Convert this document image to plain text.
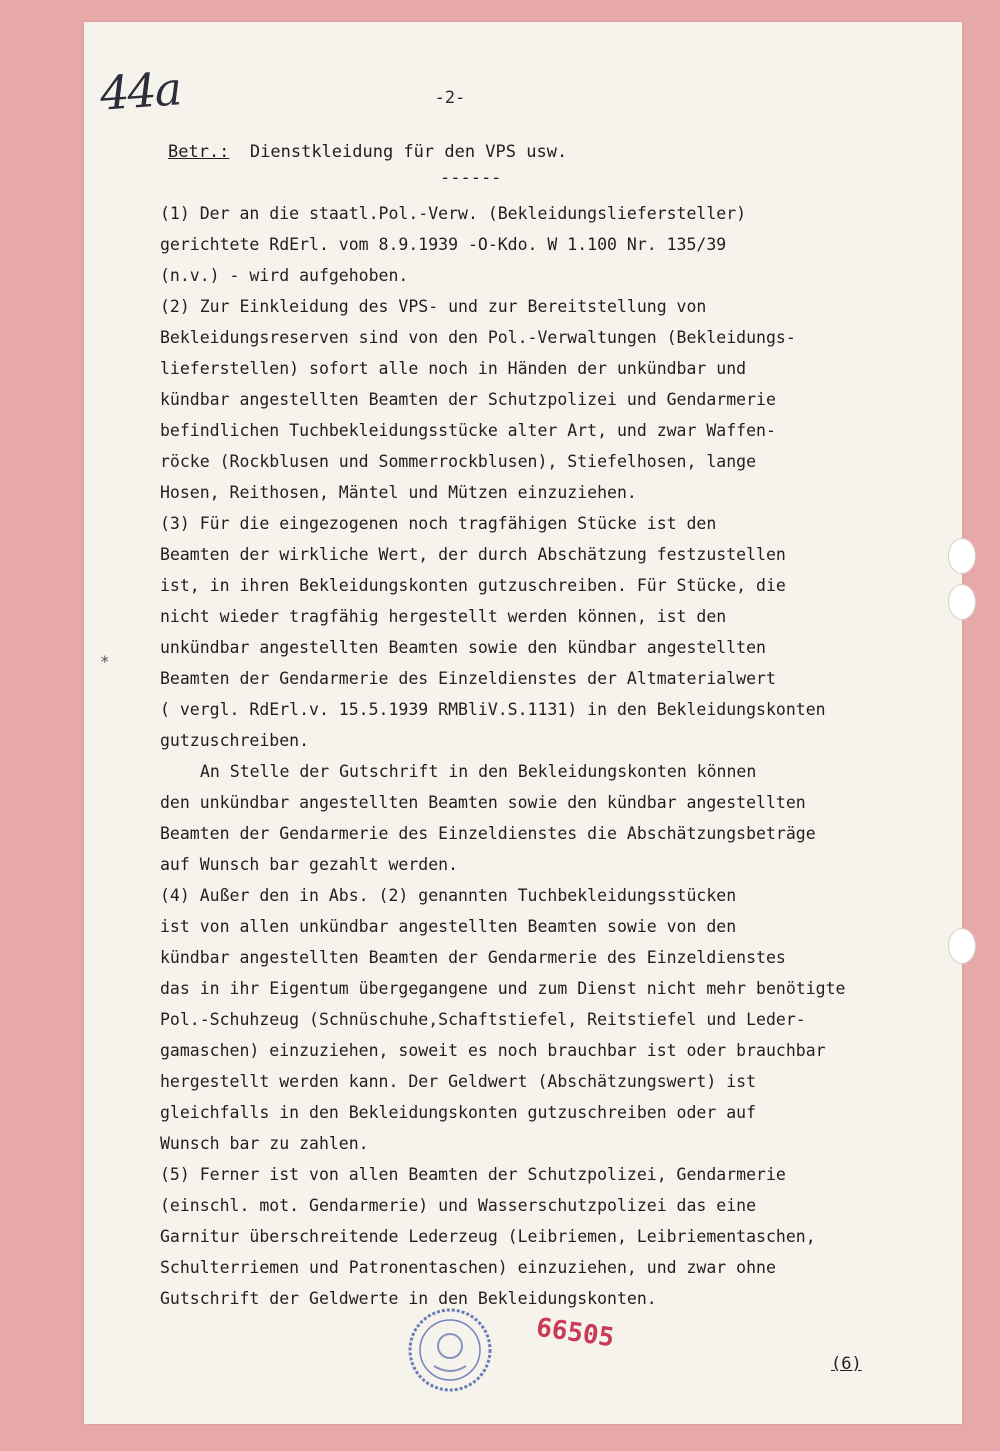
44a	-2-
Betr.: Dienstkleidung für den VPS usw.
------
*
(1) Der an die staatl.Pol.-Verw. (Bekleidungsliefersteller)
gerichtete RdErl. vom 8.9.1939 -O-Kdo. W 1.100 Nr. 135/39
(n.v.) - wird aufgehoben.
(2) Zur Einkleidung des VPS- und zur Bereitstellung von
Bekleidungsreserven sind von den Pol.-Verwaltungen (Bekleidungs-
lieferstellen) sofort alle noch in Händen der unkündbar und
kündbar angestellten Beamten der Schutzpolizei und Gendarmerie
befindlichen Tuchbekleidungsstücke alter Art, und zwar Waffen-
röcke (Rockblusen und Sommerrockblusen), Stiefelhosen, lange
Hosen, Reithosen, Mäntel und Mützen einzuziehen.
(3) Für die eingezogenen noch tragfähigen Stücke ist den
Beamten der wirkliche Wert, der durch Abschätzung festzustellen
ist, in ihren Bekleidungskonten gutzuschreiben. Für Stücke, die
nicht wieder tragfähig hergestellt werden können, ist den
unkündbar angestellten Beamten sowie den kündbar angestellten
Beamten der Gendarmerie des Einzeldienstes der Altmaterialwert
( vergl. RdErl.v. 15.5.1939 RMBliV.S.1131) in den Bekleidungskonten
gutzuschreiben.
An Stelle der Gutschrift in den Bekleidungskonten können
den unkündbar angestellten Beamten sowie den kündbar angestellten
Beamten der Gendarmerie des Einzeldienstes die Abschätzungsbeträge
auf Wunsch bar gezahlt werden.
(4) Außer den in Abs. (2) genannten Tuchbekleidungsstücken
ist von allen unkündbar angestellten Beamten sowie von den
kündbar angestellten Beamten der Gendarmerie des Einzeldienstes
das in ihr Eigentum übergegangene und zum Dienst nicht mehr benötigte
Pol.-Schuhzeug (Schnüschuhe,Schaftstiefel, Reitstiefel und Leder-
gamaschen) einzuziehen, soweit es noch brauchbar ist oder brauchbar
hergestellt werden kann. Der Geldwert (Abschätzungswert) ist
gleichfalls in den Bekleidungskonten gutzuschreiben oder auf
Wunsch bar zu zahlen.
(5) Ferner ist von allen Beamten der Schutzpolizei, Gendarmerie
(einschl. mot. Gendarmerie) und Wasserschutzpolizei das eine
Garnitur überschreitende Lederzeug (Leibriemen, Leibriementaschen,
Schulterriemen und Patronentaschen) einzuziehen, und zwar ohne
Gutschrift der Geldwerte in den Bekleidungskonten.
66505
(6)
